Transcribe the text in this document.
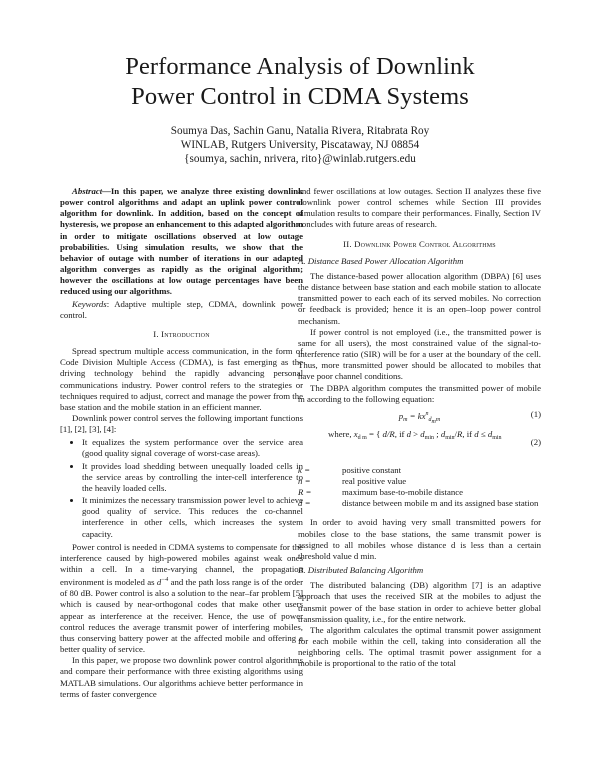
Performance Analysis of Downlink
Power Control in CDMA Systems
Soumya Das, Sachin Ganu, Natalia Rivera, Ritabrata Roy
WINLAB, Rutgers University, Piscataway, NJ 08854
{soumya, sachin, nrivera, rito}@winlab.rutgers.edu

Abstract—In this paper, we analyze three existing downlink power control algorithms and adapt an uplink power control algorithm for downlink. In addition, based on the concept of hysteresis, we propose an enhancement to this adapted algorithm in order to mitigate oscillations observed at low outage probabilities. Using simulation results, we show that the behavior of outage with number of iterations in our adapted algorithm converges as rapidly as the original algorithm; however the oscillations at low outage percentages have been reduced using our algorithms.

Keywords: Adaptive multiple step, CDMA, downlink power control.

I. Introduction

Spread spectrum multiple access communication, in the form of Code Division Multiple Access (CDMA), is fast emerging as the driving technology behind the rapidly advancing personal communications industry. Power control refers to the strategies or techniques required to adjust, correct and manage the power from the base station and the mobile station in an efficient manner.

Downlink power control serves the following important functions [1], [2], [3], [4]:

• It equalizes the system performance over the service area (good quality signal coverage of worst-case areas).
• It provides load shedding between unequally loaded cells in the service areas by controlling the inter-cell interference to the heavily loaded cells.
• It minimizes the necessary transmission power level to achieve good quality of service. This reduces the co-channel interference in other cells, which increases the system capacity.

Power control is needed in CDMA systems to compensate for the interference caused by high-powered mobiles against weak ones within a cell. In a time-varying channel, the propagation environment is modeled as $d^{-4}$ and the path loss range is of the order of 80 dB. Power control is also a solution to the near–far problem [5] which is caused by near-orthogonal codes that make other users appear as interference at the receiver. Hence, the use of power control reduces the average transmit power of interfering mobiles, thus conserving battery power at the affected mobile and offering a better quality of service.

In this paper, we propose two downlink power control algorithms and compare their performance with three existing algorithms using MATLAB simulations. Our algorithms achieve better performance in terms of faster convergence

and fewer oscillations at low outages. Section II analyzes these five downlink power control schemes while Section III provides simulation results to compare their performances. Finally, Section IV concludes with future areas of research.

II. Downlink Power Control Algorithms
A. Distance Based Power Allocation Algorithm

The distance-based power allocation algorithm (DBPA) [6] uses the distance between base station and each mobile station to allocate transmitted power to each each of its served mobiles. No correction or feedback is provided; hence it is an open–loop power control mechanism.

If power control is not employed (i.e., the transmitted power is same for all users), the most constrained value of the signal-to-interference ratio (SIR) will be for a user at the boundary of the cell. Thus, more transmitted power should be allocated to mobiles that have poor channel conditions.

The DBPA algorithm computes the transmitted power of mobile m according to the following equation:

$p_m = kx^n_{dmm}$
(1)
where, $x_{d m}$ = { d/R, if $d > d_{min}$ ; $d_{min}/R$, if $d \le d_{min}$	(2)
k =	positive constant
n =	real positive value
R =	maximum base-to-mobile distance
d =	distance between mobile m and its assigned base station

In order to avoid having very small transmitted powers for mobiles close to the base stations, the same transmit power is assigned to all mobiles whose distance d is less than a certain threshold value d min.

B. Distributed Balancing Algorithm

The distributed balancing (DB) algorithm [7] is an adaptive approach that uses the received SIR at the mobiles to adjust the transmit power of the base station in order to achieve better global transmission quality, i.e., for the entire network.

The algorithm calculates the optimal transmit power assignment for each mobile within the cell, taking into consideration all the neighboring cells. The optimal trasmit power assignment for a mobile is proportional to the ratio of the total
